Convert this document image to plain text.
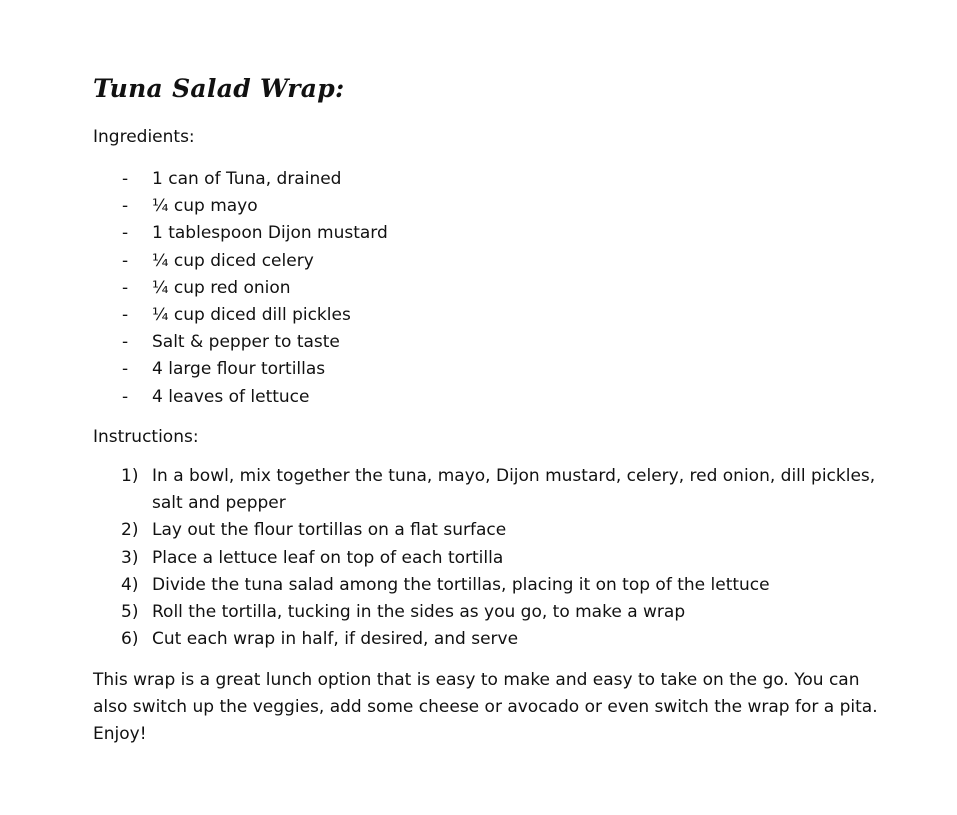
Tuna Salad Wrap:

Ingredients:

- 1 can of Tuna, drained
- ¼ cup mayo
- 1 tablespoon Dijon mustard
- ¼ cup diced celery
- ¼ cup red onion
- ¼ cup diced dill pickles
- Salt & pepper to taste
- 4 large flour tortillas
- 4 leaves of lettuce

Instructions:

1) In a bowl, mix together the tuna, mayo, Dijon mustard, celery, red onion, dill pickles, salt and pepper
2) Lay out the flour tortillas on a flat surface
3) Place a lettuce leaf on top of each tortilla
4) Divide the tuna salad among the tortillas, placing it on top of the lettuce
5) Roll the tortilla, tucking in the sides as you go, to make a wrap
6) Cut each wrap in half, if desired, and serve

This wrap is a great lunch option that is easy to make and easy to take on the go. You can also switch up the veggies, add some cheese or avocado or even switch the wrap for a pita. Enjoy!
